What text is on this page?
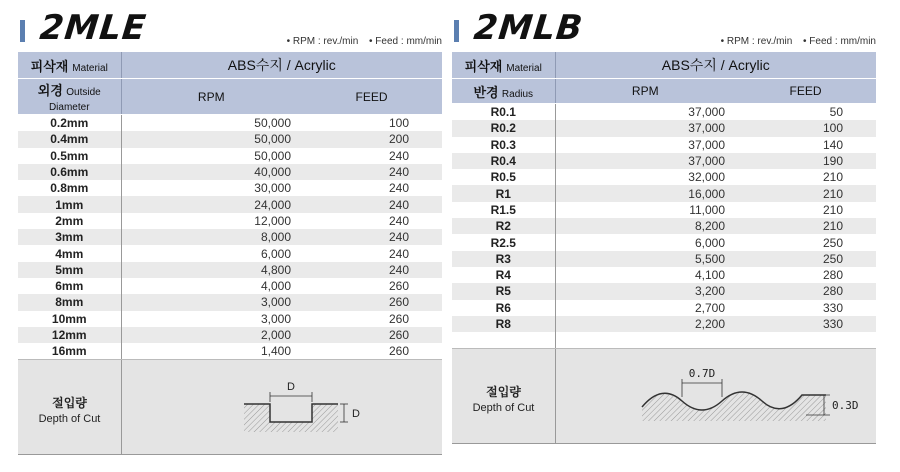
2MLE	• RPM : rev./min • Feed : mm/min
피삭재 Material	ABS수지 / Acrylic	
외경 Outside Diameter	RPM	FEED
0.2mm	50,000	100
0.4mm	50,000	200
0.5mm	50,000	240
0.6mm	40,000	240
0.8mm	30,000	240
1mm	24,000	240
2mm	12,000	240
3mm	8,000	240
4mm	6,000	240
5mm	4,800	240
6mm	4,000	260
8mm	3,000	260
10mm	3,000	260
12mm	2,000	260
16mm	1,400	260
절입량
Depth of Cut
D
D
2MLB	• RPM : rev./min • Feed : mm/min
피삭재 Material	ABS수지 / Acrylic	
반경 Radius	RPM	FEED
R0.1	37,000	50
R0.2	37,000	100
R0.3	37,000	140
R0.4	37,000	190
R0.5	32,000	210
R1	16,000	210
R1.5	11,000	210
R2	8,200	210
R2.5	6,000	250
R3	5,500	250
R4	4,100	280
R5	3,200	280
R6	2,700	330
R8	2,200	330

절입량
Depth of Cut
0.7D
0.3D
